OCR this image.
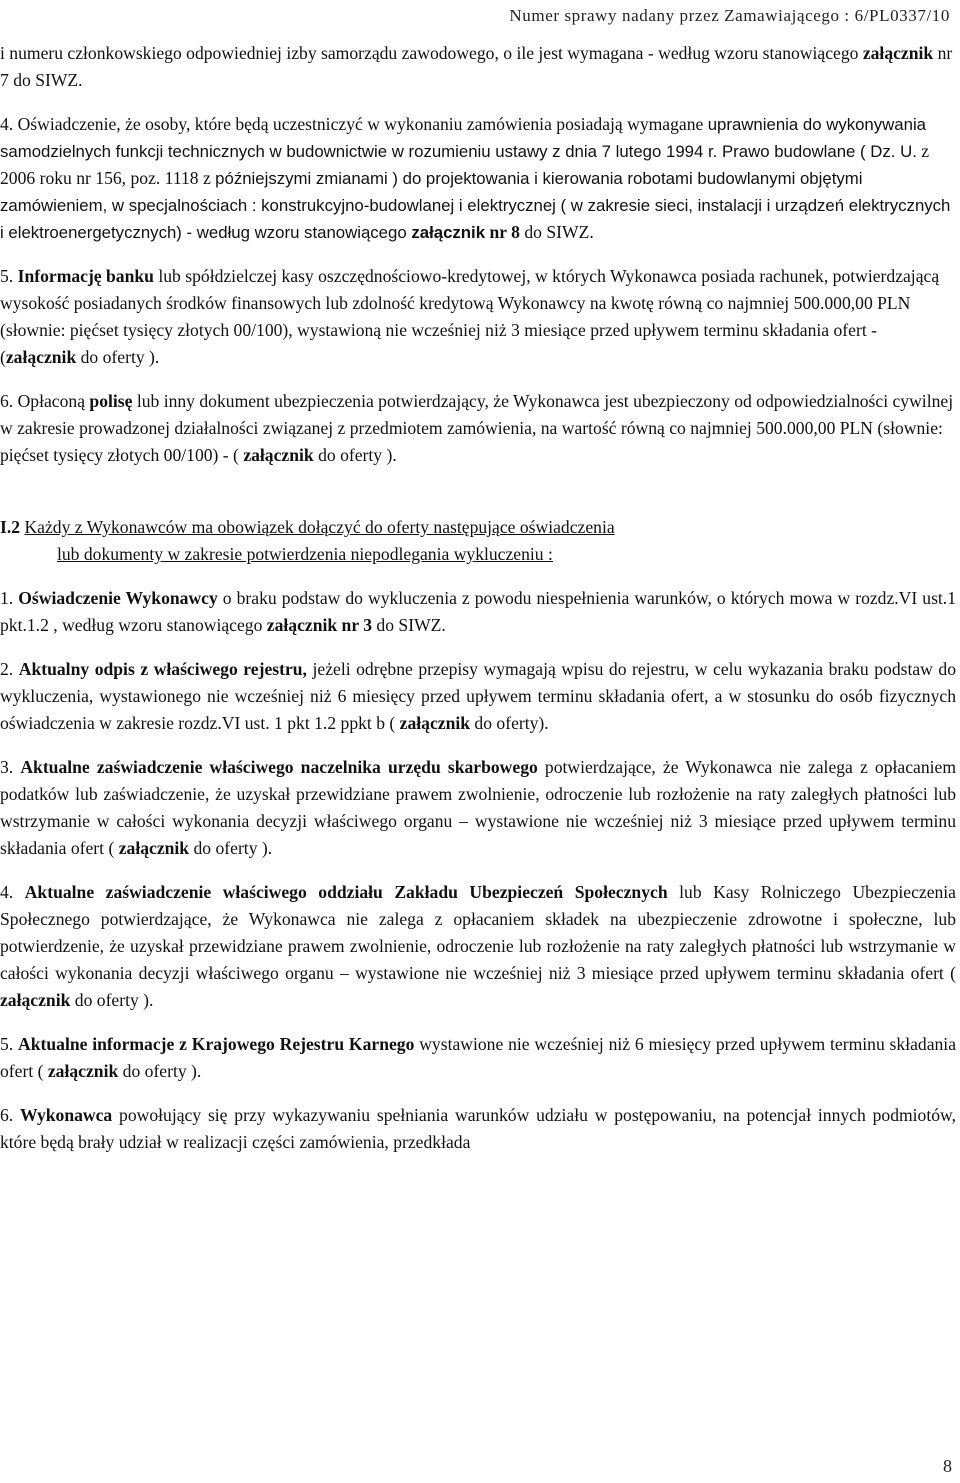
Numer sprawy nadany przez Zamawiającego : 6/PL0337/10

i numeru członkowskiego odpowiedniej izby samorządu zawodowego, o ile jest wymagana - według wzoru stanowiącego załącznik nr 7 do SIWZ.

4. Oświadczenie, że osoby, które będą uczestniczyć w wykonaniu zamówienia posiadają wymagane uprawnienia do wykonywania samodzielnych funkcji technicznych w budownictwie w rozumieniu ustawy z dnia 7 lutego 1994 r. Prawo budowlane ( Dz. U. z 2006 roku nr 156, poz. 1118 z późniejszymi zmianami ) do projektowania i kierowania robotami budowlanymi objętymi zamówieniem, w specjalnościach : konstrukcyjno-budowlanej i elektrycznej ( w zakresie sieci, instalacji i urządzeń elektrycznych i elektroenergetycznych) - według wzoru stanowiącego załącznik nr 8 do SIWZ.

5. Informację banku lub spółdzielczej kasy oszczędnościowo-kredytowej, w których Wykonawca posiada rachunek, potwierdzającą wysokość posiadanych środków finansowych lub zdolność kredytową Wykonawcy na kwotę równą co najmniej 500.000,00 PLN (słownie: pięćset tysięcy złotych 00/100), wystawioną nie wcześniej niż 3 miesiące przed upływem terminu składania ofert - (załącznik do oferty ).

6. Opłaconą polisę lub inny dokument ubezpieczenia potwierdzający, że Wykonawca jest ubezpieczony od odpowiedzialności cywilnej w zakresie prowadzonej działalności związanej z przedmiotem zamówienia, na wartość równą co najmniej 500.000,00 PLN (słownie: pięćset tysięcy złotych 00/100) - ( załącznik do oferty ).

I.2 Każdy z Wykonawców ma obowiązek dołączyć do oferty następujące oświadczenia
lub dokumenty w zakresie potwierdzenia niepodlegania wykluczeniu :

1. Oświadczenie Wykonawcy o braku podstaw do wykluczenia z powodu niespełnienia warunków, o których mowa w rozdz.VI ust.1 pkt.1.2 , według wzoru stanowiącego załącznik nr 3 do SIWZ.

2. Aktualny odpis z właściwego rejestru, jeżeli odrębne przepisy wymagają wpisu do rejestru, w celu wykazania braku podstaw do wykluczenia, wystawionego nie wcześniej niż 6 miesięcy przed upływem terminu składania ofert, a w stosunku do osób fizycznych oświadczenia w zakresie rozdz.VI ust. 1 pkt 1.2 ppkt b ( załącznik do oferty).

3. Aktualne zaświadczenie właściwego naczelnika urzędu skarbowego potwierdzające, że Wykonawca nie zalega z opłacaniem podatków lub zaświadczenie, że uzyskał przewidziane prawem zwolnienie, odroczenie lub rozłożenie na raty zaległych płatności lub wstrzymanie w całości wykonania decyzji właściwego organu – wystawione nie wcześniej niż 3 miesiące przed upływem terminu składania ofert ( załącznik do oferty ).

4. Aktualne zaświadczenie właściwego oddziału Zakładu Ubezpieczeń Społecznych lub Kasy Rolniczego Ubezpieczenia Społecznego potwierdzające, że Wykonawca nie zalega z opłacaniem składek na ubezpieczenie zdrowotne i społeczne, lub potwierdzenie, że uzyskał przewidziane prawem zwolnienie, odroczenie lub rozłożenie na raty zaległych płatności lub wstrzymanie w całości wykonania decyzji właściwego organu – wystawione nie wcześniej niż 3 miesiące przed upływem terminu składania ofert ( załącznik do oferty ).

5. Aktualne informacje z Krajowego Rejestru Karnego wystawione nie wcześniej niż 6 miesięcy przed upływem terminu składania ofert ( załącznik do oferty ).

6. Wykonawca powołujący się przy wykazywaniu spełniania warunków udziału w postępowaniu, na potencjał innych podmiotów, które będą brały udział w realizacji części zamówienia, przedkłada

8
